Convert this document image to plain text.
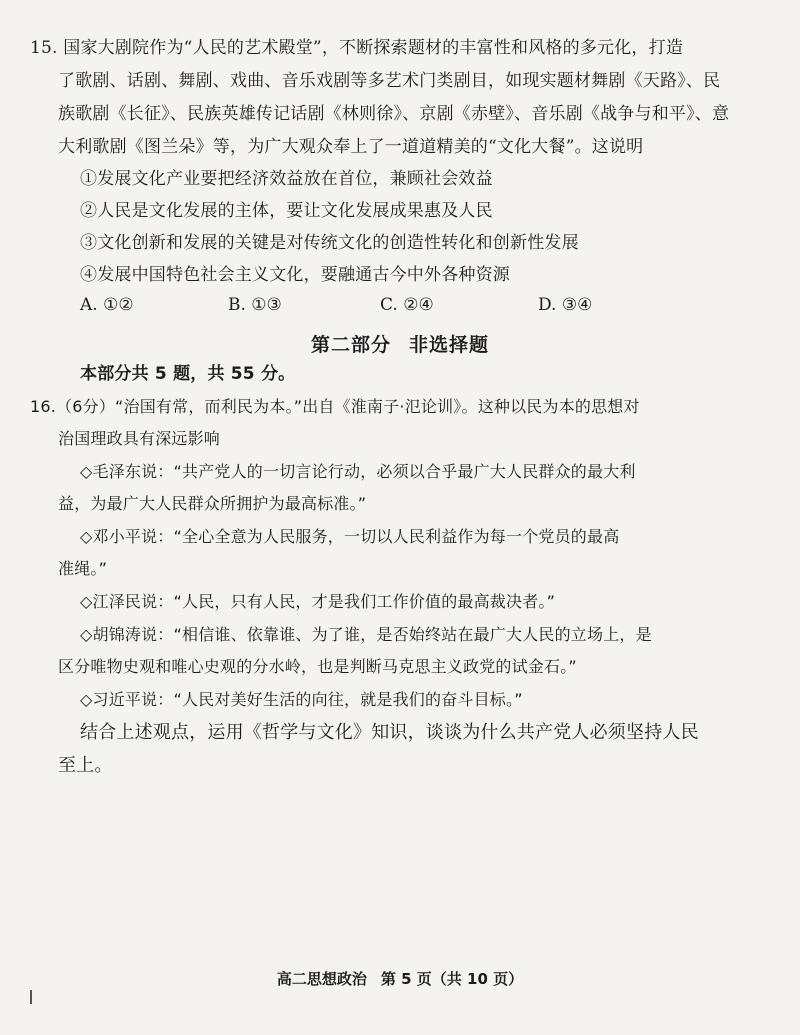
15. 国家大剧院作为“人民的艺术殿堂”，不断探索题材的丰富性和风格的多元化，打造
了歌剧、话剧、舞剧、戏曲、音乐戏剧等多艺术门类剧目，如现实题材舞剧《天路》、民
族歌剧《长征》、民族英雄传记话剧《林则徐》、京剧《赤壁》、音乐剧《战争与和平》、意
大利歌剧《图兰朵》等，为广大观众奉上了一道道精美的“文化大餐”。这说明
①发展文化产业要把经济效益放在首位，兼顾社会效益
②人民是文化发展的主体，要让文化发展成果惠及人民
③文化创新和发展的关键是对传统文化的创造性转化和创新性发展
④发展中国特色社会主义文化，要融通古今中外各种资源
A. ①②	B. ①③	C. ②④	D. ③④
第二部分 非选择题
本部分共 5 题，共 55 分。
16.（6分）“治国有常，而利民为本。”出自《淮南子·氾论训》。这种以民为本的思想对
治国理政具有深远影响
◇毛泽东说：“共产党人的一切言论行动，必须以合乎最广大人民群众的最大利
益，为最广大人民群众所拥护为最高标准。”
◇邓小平说：“全心全意为人民服务，一切以人民利益作为每一个党员的最高
准绳。”
◇江泽民说：“人民，只有人民，才是我们工作价值的最高裁决者。”
◇胡锦涛说：“相信谁、依靠谁、为了谁，是否始终站在最广大人民的立场上，是
区分唯物史观和唯心史观的分水岭，也是判断马克思主义政党的试金石。”
◇习近平说：“人民对美好生活的向往，就是我们的奋斗目标。”
结合上述观点，运用《哲学与文化》知识，谈谈为什么共产党人必须坚持人民
至上。
高二思想政治 第 5 页（共 10 页）
